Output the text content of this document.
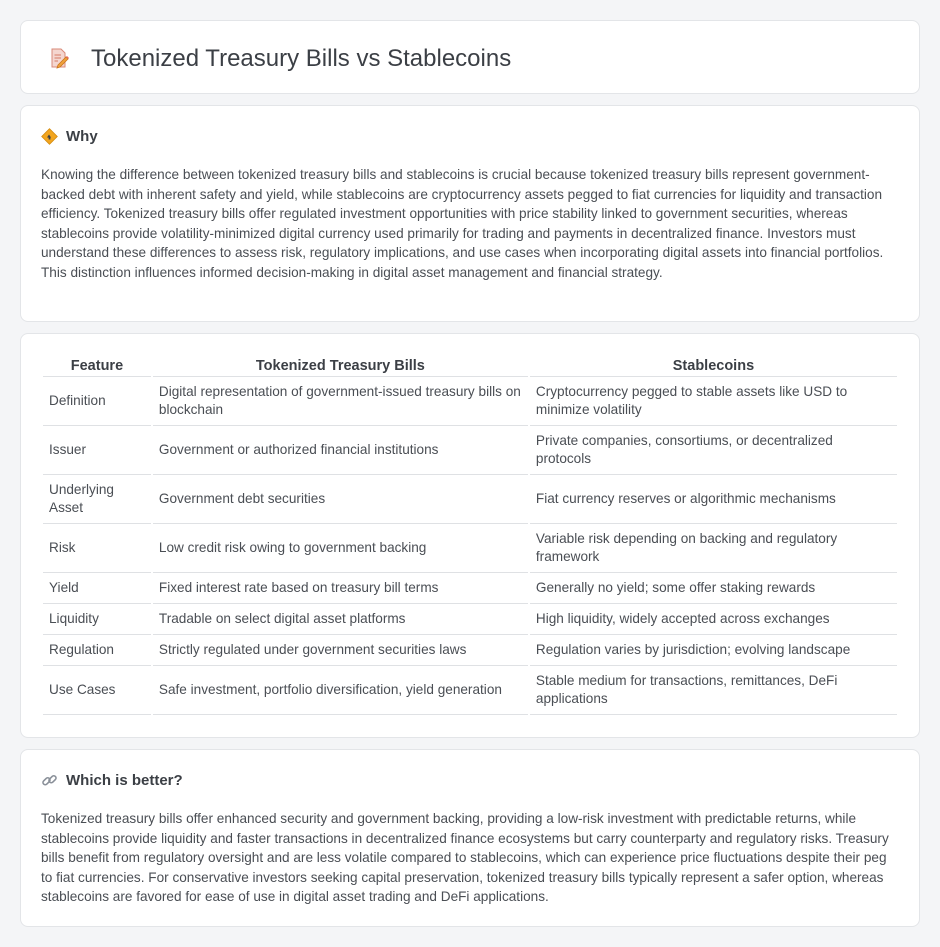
Tokenized Treasury Bills vs Stablecoins
Why

Knowing the difference between tokenized treasury bills and stablecoins is crucial because tokenized treasury bills represent government-backed debt with inherent safety and yield, while stablecoins are cryptocurrency assets pegged to fiat currencies for liquidity and transaction efficiency. Tokenized treasury bills offer regulated investment opportunities with price stability linked to government securities, whereas stablecoins provide volatility-minimized digital currency used primarily for trading and payments in decentralized finance. Investors must understand these differences to assess risk, regulatory implications, and use cases when incorporating digital assets into financial portfolios. This distinction influences informed decision-making in digital asset management and financial strategy.

Feature	Tokenized Treasury Bills	Stablecoins
Definition	Digital representation of government-issued treasury bills on blockchain	Cryptocurrency pegged to stable assets like USD to minimize volatility
Issuer	Government or authorized financial institutions	Private companies, consortiums, or decentralized protocols
Underlying Asset	Government debt securities	Fiat currency reserves or algorithmic mechanisms
Risk	Low credit risk owing to government backing	Variable risk depending on backing and regulatory framework
Yield	Fixed interest rate based on treasury bill terms	Generally no yield; some offer staking rewards
Liquidity	Tradable on select digital asset platforms	High liquidity, widely accepted across exchanges
Regulation	Strictly regulated under government securities laws	Regulation varies by jurisdiction; evolving landscape
Use Cases	Safe investment, portfolio diversification, yield generation	Stable medium for transactions, remittances, DeFi applications
Which is better?

Tokenized treasury bills offer enhanced security and government backing, providing a low-risk investment with predictable returns, while stablecoins provide liquidity and faster transactions in decentralized finance ecosystems but carry counterparty and regulatory risks. Treasury bills benefit from regulatory oversight and are less volatile compared to stablecoins, which can experience price fluctuations despite their peg to fiat currencies. For conservative investors seeking capital preservation, tokenized treasury bills typically represent a safer option, whereas stablecoins are favored for ease of use in digital asset trading and DeFi applications.
